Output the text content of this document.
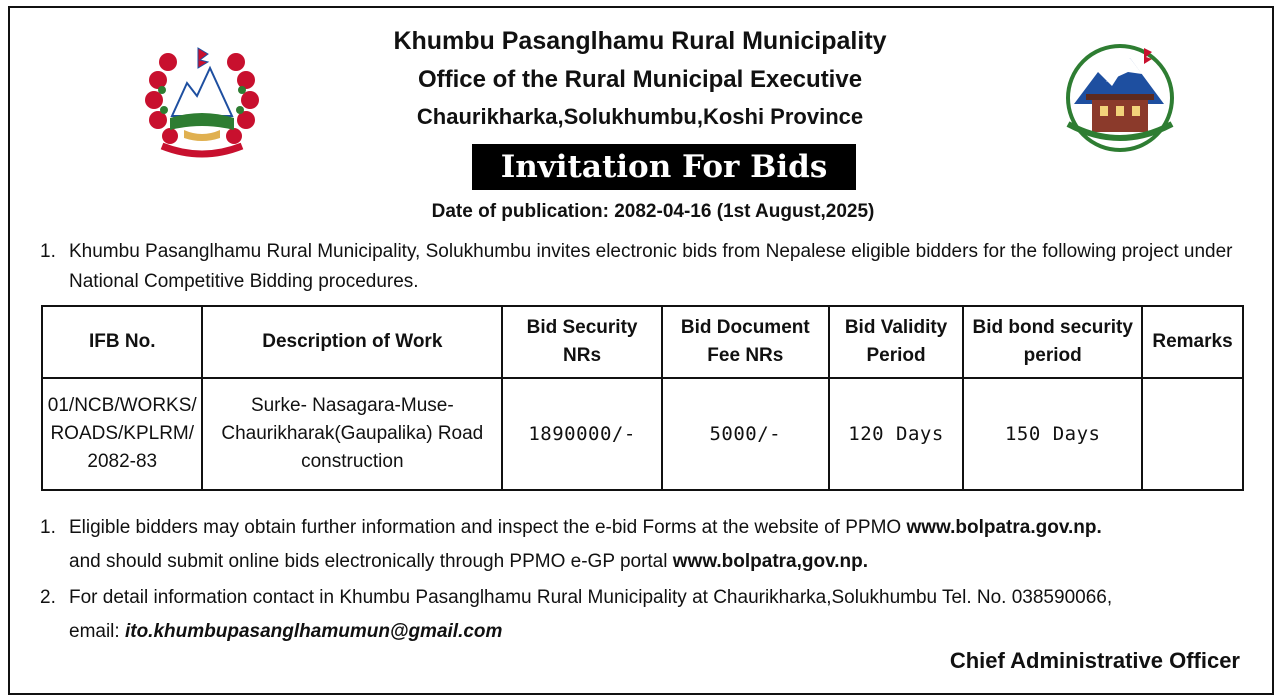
Khumbu Pasanglhamu Rural Municipality
Office of the Rural Municipal Executive
Chaurikharka,Solukhumbu,Koshi Province
Invitation For Bids
Date of publication: 2082-04-16 (1st August,2025)
1. Khumbu Pasanglhamu Rural Municipality, Solukhumbu invites electronic bids from Nepalese eligible bidders for the following project under National Competitive Bidding procedures.
IFB No.	Description of Work	Bid Security NRs	Bid Document Fee NRs	Bid Validity Period	Bid bond security period	Remarks
01/NCB/WORKS/ROADS/KPLRM/2082-83	Surke- Nasagara-Muse-Chaurikharak(Gaupalika) Road construction	1890000/-	5000/-	120 Days	150 Days	
1. Eligible bidders may obtain further information and inspect the e-bid Forms at the website of PPMO www.bolpatra.gov.np.
and should submit online bids electronically through PPMO e-GP portal www.bolpatra,gov.np.
2. For detail information contact in Khumbu Pasanglhamu Rural Municipality at Chaurikharka,Solukhumbu Tel. No. 038590066,
email: ito.khumbupasanglhamumun@gmail.com
Chief Administrative Officer
